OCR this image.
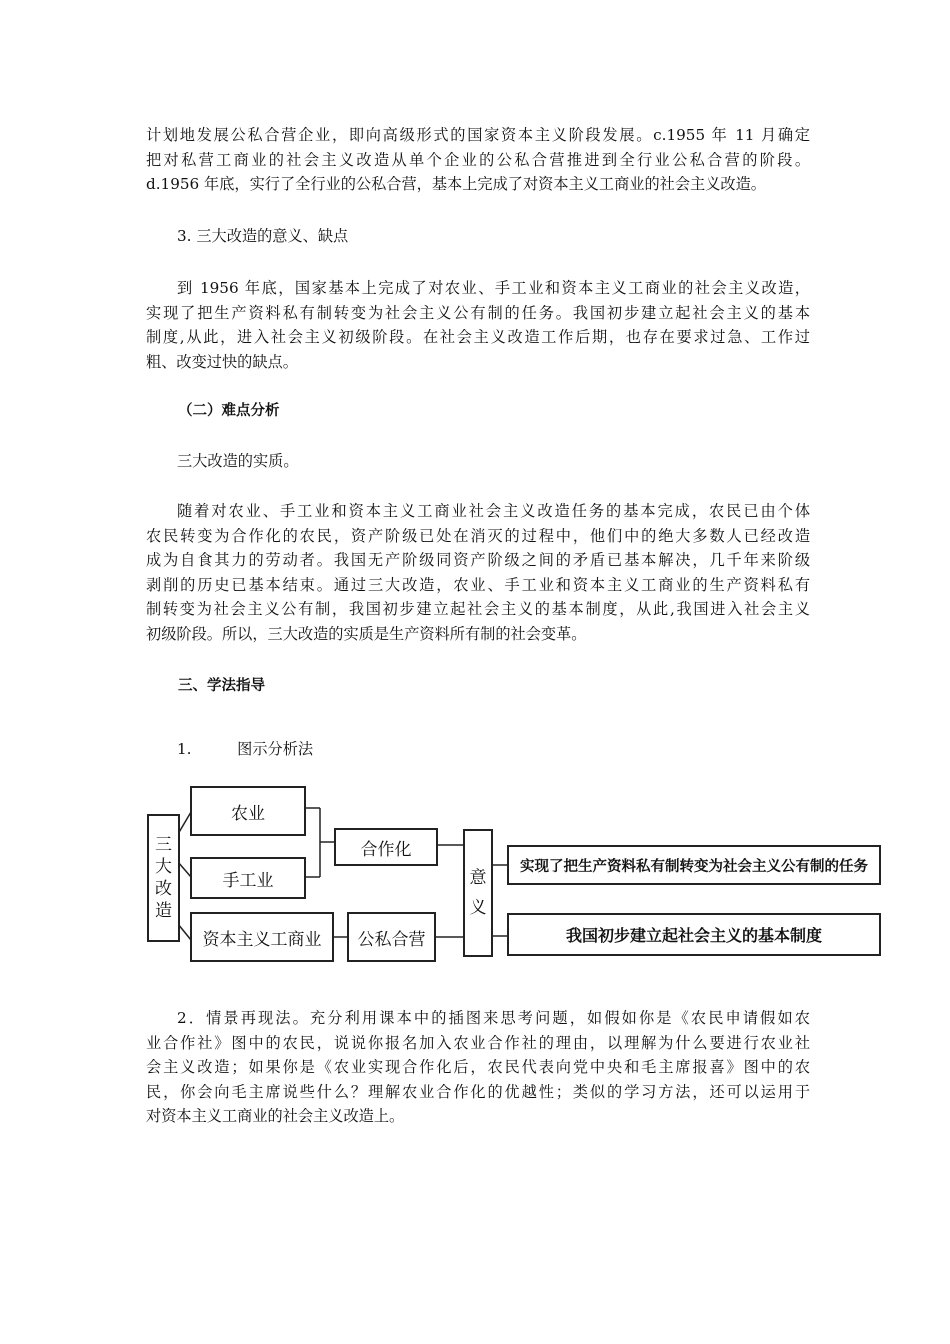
计划地发展公私合营企业，即向高级形式的国家资本主义阶段发展。c.1955 年 11 月确定
把对私营工商业的社会主义改造从单个企业的公私合营推进到全行业公私合营的阶段。
d.1956 年底，实行了全行业的公私合营，基本上完成了对资本主义工商业的社会主义改造。
3. 三大改造的意义、缺点
到 1956 年底，国家基本上完成了对农业、手工业和资本主义工商业的社会主义改造，
实现了把生产资料私有制转变为社会主义公有制的任务。我国初步建立起社会主义的基本
制度,从此，进入社会主义初级阶段。在社会主义改造工作后期，也存在要求过急、工作过
粗、改变过快的缺点。
（二）难点分析
三大改造的实质。
随着对农业、手工业和资本主义工商业社会主义改造任务的基本完成，农民已由个体
农民转变为合作化的农民，资产阶级已处在消灭的过程中，他们中的绝大多数人已经改造
成为自食其力的劳动者。我国无产阶级同资产阶级之间的矛盾已基本解决，几千年来阶级
剥削的历史已基本结束。通过三大改造，农业、手工业和资本主义工商业的生产资料私有
制转变为社会主义公有制，我国初步建立起社会主义的基本制度，从此,我国进入社会主义
初级阶段。所以，三大改造的实质是生产资料所有制的社会变革。
三、学法指导
1.	图示分析法
三
大
改
造
农业
手工业
资本主义工商业
合作化
公私合营
意
义
实现了把生产资料私有制转变为社会主义公有制的任务
我国初步建立起社会主义的基本制度
2．情景再现法。充分利用课本中的插图来思考问题，如假如你是《农民申请假如农
业合作社》图中的农民，说说你报名加入农业合作社的理由，以理解为什么要进行农业社
会主义改造；如果你是《农业实现合作化后，农民代表向党中央和毛主席报喜》图中的农
民，你会向毛主席说些什么？理解农业合作化的优越性；类似的学习方法，还可以运用于
对资本主义工商业的社会主义改造上。
